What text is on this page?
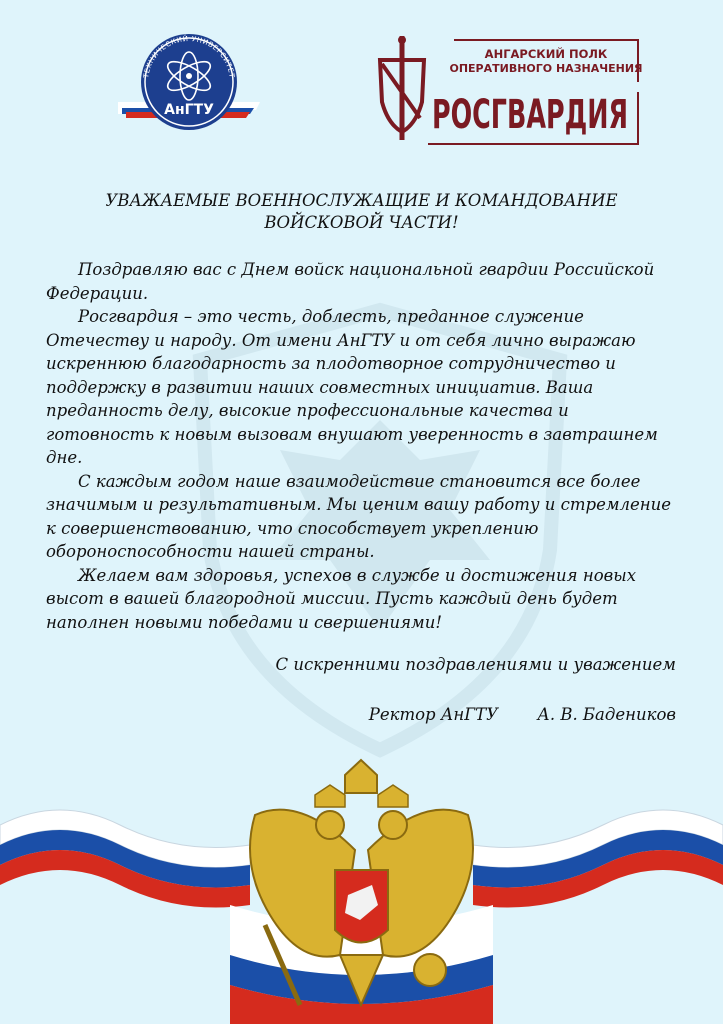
ТЕХНИЧЕСКИЙ УНИВЕРСИТЕТ
АнГТУ
АНГАРСКИЙ ПОЛК
ОПЕРАТИВНОГО НАЗНАЧЕНИЯ
РОСГВАРДИЯ
УВАЖАЕМЫЕ ВОЕННОСЛУЖАЩИЕ И КОМАНДОВАНИЕ
ВОЙСКОВОЙ ЧАСТИ!

Поздравляю вас с Днем войск национальной гвардии Российской Федерации.

Росгвардия – это честь, доблесть, преданное служение Отечеству и народу. От имени АнГТУ и от себя лично выражаю искреннюю благодарность за плодотворное сотрудничество и поддержку в развитии наших совместных инициатив. Ваша преданность делу, высокие профессиональные качества и готовность к новым вызовам внушают уверенность в завтрашнем дне.

С каждым годом наше взаимодействие становится все более значимым и результативным. Мы ценим вашу работу и стремление к совершенствованию, что способствует укреплению обороноспособности нашей страны.

Желаем вам здоровья, успехов в службе и достижения новых высот в вашей благородной миссии. Пусть каждый день будет наполнен новыми победами и свершениями!

С искренними поздравлениями и уважением
Ректор АнГТУ А. В. Бадеников
